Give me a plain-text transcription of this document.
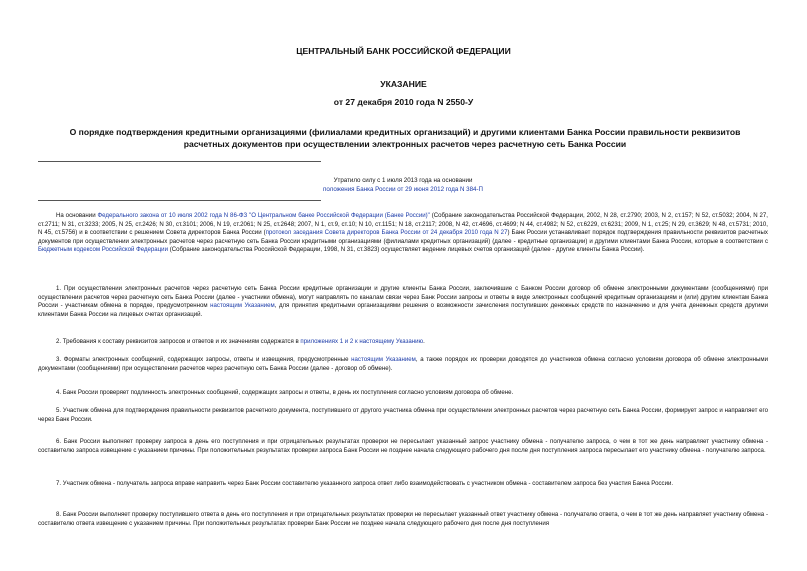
ЦЕНТРАЛЬНЫЙ БАНК РОССИЙСКОЙ ФЕДЕРАЦИИ
УКАЗАНИЕ
от 27 декабря 2010 года N 2550-У
О порядке подтверждения кредитными организациями (филиалами кредитных организаций) и другими клиентами Банка России правильности реквизитов
расчетных документов при осуществлении электронных расчетов через расчетную сеть Банка России
Утратило силу с 1 июля 2013 года на основании
положения Банка России от 29 июня 2012 года N 384-П
На основании Федерального закона от 10 июля 2002 года N 86-ФЗ "О Центральном банке Российской Федерации (Банке России)" (Собрание законодательства Российской Федерации, 2002, N 28, ст.2790; 2003, N 2, ст.157; N 52, ст.5032; 2004, N 27, ст.2711; N 31, ст.3233; 2005, N 25, ст.2426; N 30, ст.3101; 2006, N 19, ст.2061; N 25, ст.2648; 2007, N 1, ст.9, ст.10; N 10, ст.1151; N 18, ст.2117; 2008, N 42, ст.4696, ст.4699; N 44, ст.4982; N 52, ст.6229, ст.6231; 2009, N 1, ст.25; N 29, ст.3629; N 48, ст.5731; 2010, N 45, ст.5756) и в соответствии с решением Совета директоров Банка России (протокол заседания Совета директоров Банка России от 24 декабря 2010 года N 27) Банк России устанавливает порядок подтверждения правильности реквизитов расчетных документов при осуществлении электронных расчетов через расчетную сеть Банка России кредитными организациями (филиалами кредитных организаций) (далее - кредитные организации) и другими клиентами Банка России, которые в соответствии с Бюджетным кодексом Российской Федерации (Собрание законодательства Российской Федерации, 1998, N 31, ст.3823) осуществляет ведение лицевых счетов организаций (далее - другие клиенты Банка России).
1. При осуществлении электронных расчетов через расчетную сеть Банка России кредитные организации и другие клиенты Банка России, заключившие с Банком России договор об обмене электронными документами (сообщениями) при осуществлении расчетов через расчетную сеть Банка России (далее - участники обмена), могут направлять по каналам связи через Банк России запросы и ответы в виде электронных сообщений кредитным организациям и (или) другим клиентам Банка России - участникам обмена в порядке, предусмотренном настоящим Указанием, для принятия кредитными организациями решения о возможности зачисления поступивших денежных средств по назначению и для учета денежных средств другими клиентами Банка России на лицевых счетах организаций.
2. Требования к составу реквизитов запросов и ответов и их значениям содержатся в приложениях 1 и 2 к настоящему Указанию.
3. Форматы электронных сообщений, содержащих запросы, ответы и извещения, предусмотренные настоящим Указанием, а также порядок их проверки доводятся до участников обмена согласно условиям договора об обмене электронными документами (сообщениями) при осуществлении расчетов через расчетную сеть Банка России (далее - договор об обмене).
4. Банк России проверяет подлинность электронных сообщений, содержащих запросы и ответы, в день их поступления согласно условиям договора об обмене.
5. Участник обмена для подтверждения правильности реквизитов расчетного документа, поступившего от другого участника обмена при осуществлении электронных расчетов через расчетную сеть Банка России, формирует запрос и направляет его через Банк России.
6. Банк России выполняет проверку запроса в день его поступления и при отрицательных результатах проверки не пересылает указанный запрос участнику обмена - получателю запроса, о чем в тот же день направляет участнику обмена - составителю запроса извещение с указанием причины. При положительных результатах проверки запроса Банк России не позднее начала следующего рабочего дня после дня поступления запроса пересылает его участнику обмена - получателю запроса.
7. Участник обмена - получатель запроса вправе направить через Банк России составителю указанного запроса ответ либо взаимодействовать с участником обмена - составителем запроса без участия Банка России.
8. Банк России выполняет проверку поступившего ответа в день его поступления и при отрицательных результатах проверки не пересылает указанный ответ участнику обмена - получателю ответа, о чем в тот же день направляет участнику обмена - составителю ответа извещение с указанием причины. При положительных результатах проверки Банк России не позднее начала следующего рабочего дня после дня поступления
